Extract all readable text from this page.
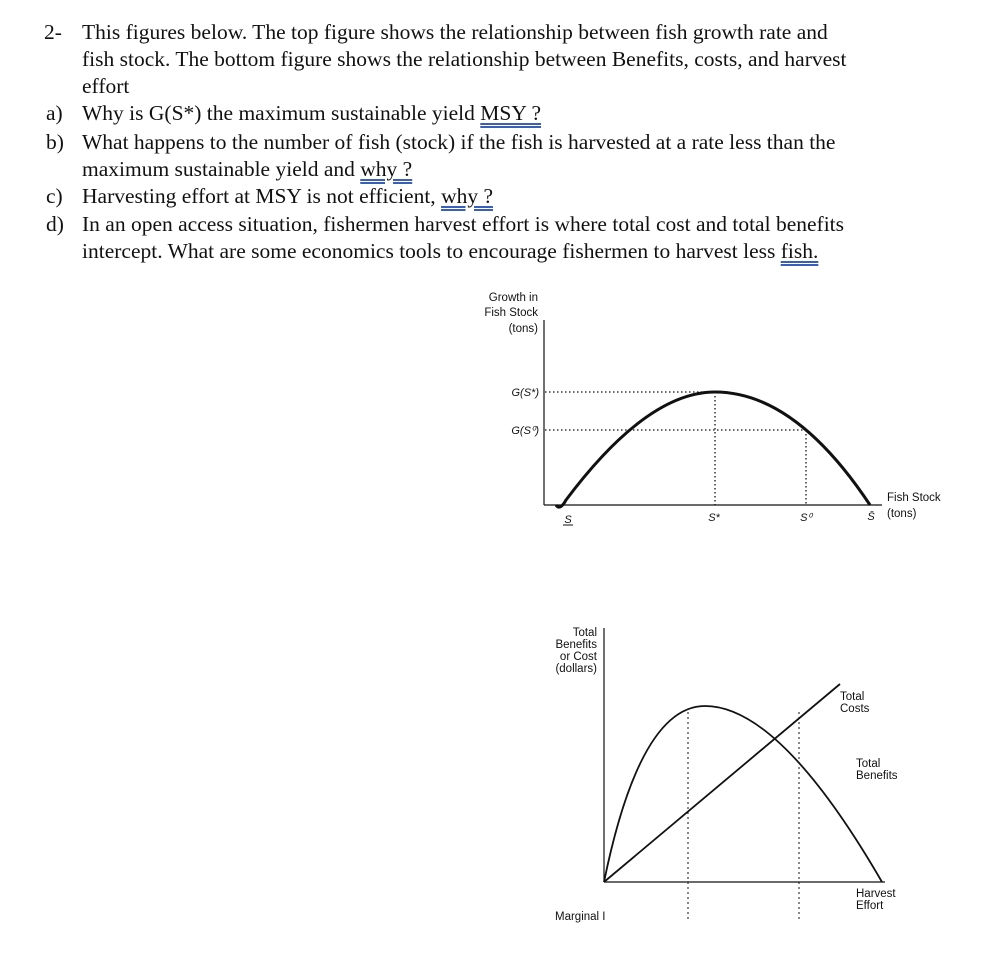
2- This figures below. The top figure shows the relationship between fish growth rate and
fish stock. The bottom figure shows the relationship between Benefits, costs, and harvest
effort
a) Why is G(S*) the maximum sustainable yield MSY ?
b) What happens to the number of fish (stock) if the fish is harvested at a rate less than the
maximum sustainable yield and why ?
c) Harvesting effort at MSY is not efficient, why ?
d) In an open access situation, fishermen harvest effort is where total cost and total benefits
intercept. What are some economics tools to encourage fishermen to harvest less fish.
Growth in
Fish Stock
(tons)
G(S*)
G(S⁰)
S	S*	S⁰	S̄
Fish Stock
(tons)
Total
Benefits
or Cost
(dollars)
Total
Costs
Total
Benefits
Harvest
Effort
Marginal I
